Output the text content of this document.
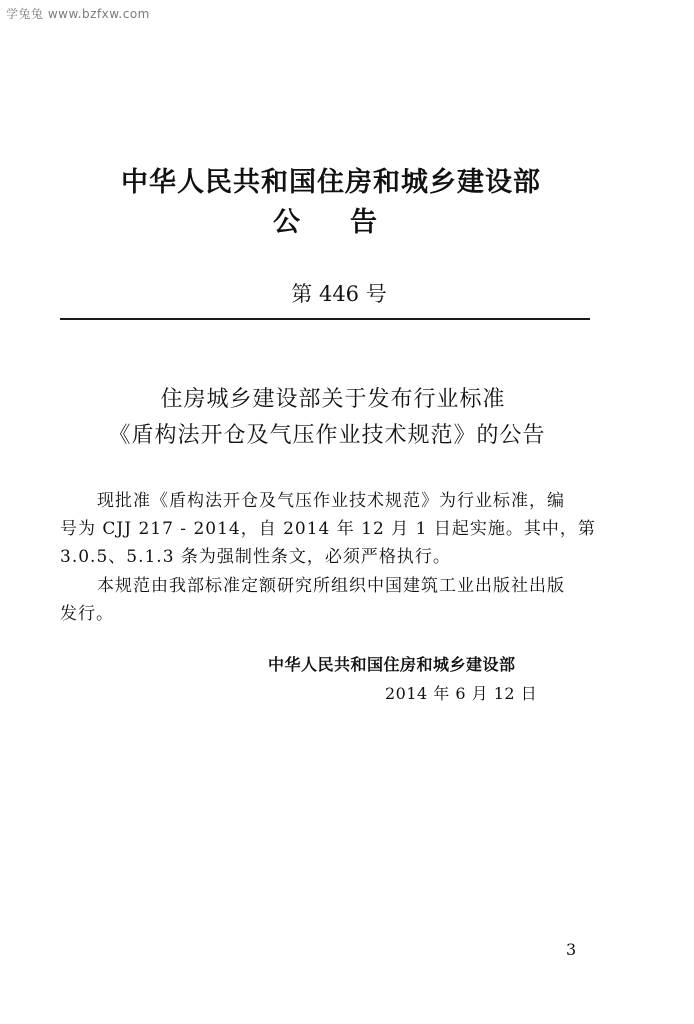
学兔兔 www.bzfxw.com
中华人民共和国住房和城乡建设部
公告
第 446 号
住房城乡建设部关于发布行业标准
《盾构法开仓及气压作业技术规范》的公告
现批准《盾构法开仓及气压作业技术规范》为行业标准，编
号为 CJJ 217 - 2014，自 2014 年 12 月 1 日起实施。其中，第
3.0.5、5.1.3 条为强制性条文，必须严格执行。
本规范由我部标准定额研究所组织中国建筑工业出版社出版
发行。
中华人民共和国住房和城乡建设部
2014 年 6 月 12 日
3
